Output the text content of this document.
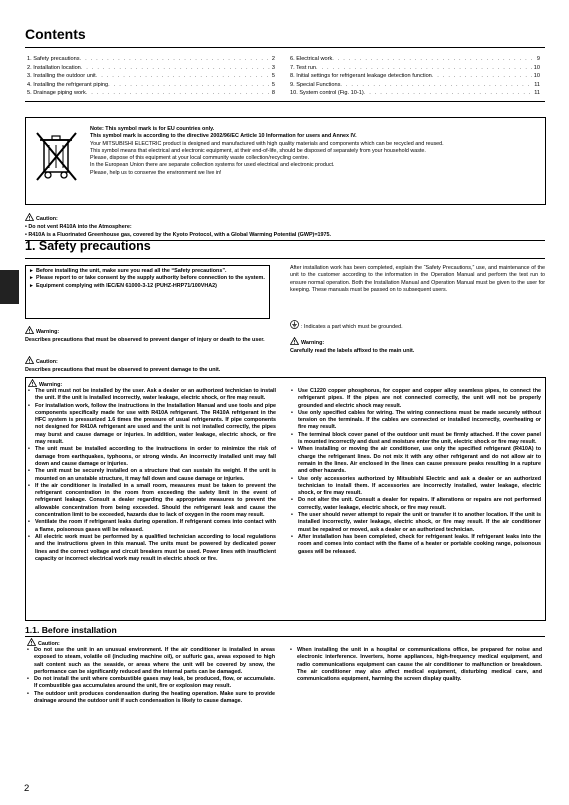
Contents
1. Safety precautions . . .	2
2. Installation location . . .	3
3. Installing the outdoor unit . . .	5
4. Installing the refrigerant piping . . .	5
5. Drainage piping work . . .	8
6. Electrical work . . .	9
7. Test run . . .	10
8. Initial settings for refrigerant leakage detection function . . .	10
9. Special Functions . . .	11
10. System control (Fig. 10-1) . . .	11
Note: This symbol mark is for EU countries only.
This symbol mark is according to the directive 2002/96/EC Article 10 Information for users and Annex IV.
Your MITSUBISHI ELECTRIC product is designed and manufactured with high quality materials and components which can be recycled and reused.
This symbol means that electrical and electronic equipment, at their end-of-life, should be disposed of separately from your household waste.
Please, dispose of this equipment at your local community waste collection/recycling centre.
In the European Union there are separate collection systems for used electrical and electronic product.
Please, help us to conserve the environment we live in!
Caution:
• Do not vent R410A into the Atmosphere:
• R410A is a Fluorinated Greenhouse gas, covered by the Kyoto Protocol, with a Global Warming Potential (GWP)=1975.
1. Safety precautions
► Before installing the unit, make sure you read all the “Safety precautions”.
► Please report to or take consent by the supply authority before connection to the system.
► Equipment complying with IEC/EN 61000-3-12 (PUHZ-HRP71/100VHA2)
Warning:
Describes precautions that must be observed to prevent danger of injury or death to the user.
Caution:
Describes precautions that must be observed to prevent damage to the unit.
After installation work has been completed, explain the “Safety Precautions,” use, and maintenance of the unit to the customer according to the information in the Operation Manual and perform the test run to ensure normal operation. Both the Installation Manual and Operation Manual must be given to the user for keeping. These manuals must be passed on to subsequent users.
: Indicates a part which must be grounded.
Warning:
Carefully read the labels affixed to the main unit.
Warning:
• The unit must not be installed by the user. Ask a dealer or an authorized technician to install the unit. If the unit is installed incorrectly, water leakage, electric shock, or fire may result.
• For installation work, follow the instructions in the Installation Manual and use tools and pipe components specifically made for use with R410A refrigerant. The R410A refrigerant in the HFC system is pressurized 1.6 times the pressure of usual refrigerants. If pipe components not designed for R410A refrigerant are used and the unit is not installed correctly, the pipes may burst and cause damage or injuries. In addition, water leakage, electric shock, or fire may result.
• The unit must be installed according to the instructions in order to minimize the risk of damage from earthquakes, typhoons, or strong winds. An incorrectly installed unit may fall down and cause damage or injuries.
• The unit must be securely installed on a structure that can sustain its weight. If the unit is mounted on an unstable structure, it may fall down and cause damage or injuries.
• If the air conditioner is installed in a small room, measures must be taken to prevent the refrigerant concentration in the room from exceeding the safety limit in the event of refrigerant leakage. Consult a dealer regarding the appropriate measures to prevent the allowable concentration from being exceeded. Should the refrigerant leak and cause the concentration limit to be exceeded, hazards due to lack of oxygen in the room may result.
• Ventilate the room if refrigerant leaks during operation. If refrigerant comes into contact with a flame, poisonous gases will be released.
• All electric work must be performed by a qualified technician according to local regulations and the instructions given in this manual. The units must be powered by dedicated power lines and the correct voltage and circuit breakers must be used. Power lines with insufficient capacity or incorrect electrical work may result in electric shock or fire.
• Use C1220 copper phosphorus, for copper and copper alloy seamless pipes, to connect the refrigerant pipes. If the pipes are not connected correctly, the unit will not be properly grounded and electric shock may result.
• Use only specified cables for wiring. The wiring connections must be made securely without tension on the terminals. If the cables are connected or installed incorrectly, overheating or fire may result.
• The terminal block cover panel of the outdoor unit must be firmly attached. If the cover panel is mounted incorrectly and dust and moisture enter the unit, electric shock or fire may result.
• When installing or moving the air conditioner, use only the specified refrigerant (R410A) to charge the refrigerant lines. Do not mix it with any other refrigerant and do not allow air to remain in the lines. Air enclosed in the lines can cause pressure peaks resulting in a rupture and other hazards.
• Use only accessories authorized by Mitsubishi Electric and ask a dealer or an authorized technician to install them. If accessories are incorrectly installed, water leakage, electric shock, or fire may result.
• Do not alter the unit. Consult a dealer for repairs. If alterations or repairs are not performed correctly, water leakage, electric shock, or fire may result.
• The user should never attempt to repair the unit or transfer it to another location. If the unit is installed incorrectly, water leakage, electric shock, or fire may result. If the air conditioner must be repaired or moved, ask a dealer or an authorized technician.
• After installation has been completed, check for refrigerant leaks. If refrigerant leaks into the room and comes into contact with the flame of a heater or portable cooking range, poisonous gases will be released.
1.1. Before installation
Caution:
• Do not use the unit in an unusual environment. If the air conditioner is installed in areas exposed to steam, volatile oil (including machine oil), or sulfuric gas, areas exposed to high salt content such as the seaside, or areas where the unit will be covered by snow, the performance can be significantly reduced and the internal parts can be damaged.
• Do not install the unit where combustible gases may leak, be produced, flow, or accumulate. If combustible gas accumulates around the unit, fire or explosion may result.
• The outdoor unit produces condensation during the heating operation. Make sure to provide drainage around the outdoor unit if such condensation is likely to cause damage.
• When installing the unit in a hospital or communications office, be prepared for noise and electronic interference. Inverters, home appliances, high-frequency medical equipment, and radio communications equipment can cause the air conditioner to malfunction or breakdown. The air conditioner may also affect medical equipment, disturbing medical care, and communications equipment, harming the screen display quality.
2
